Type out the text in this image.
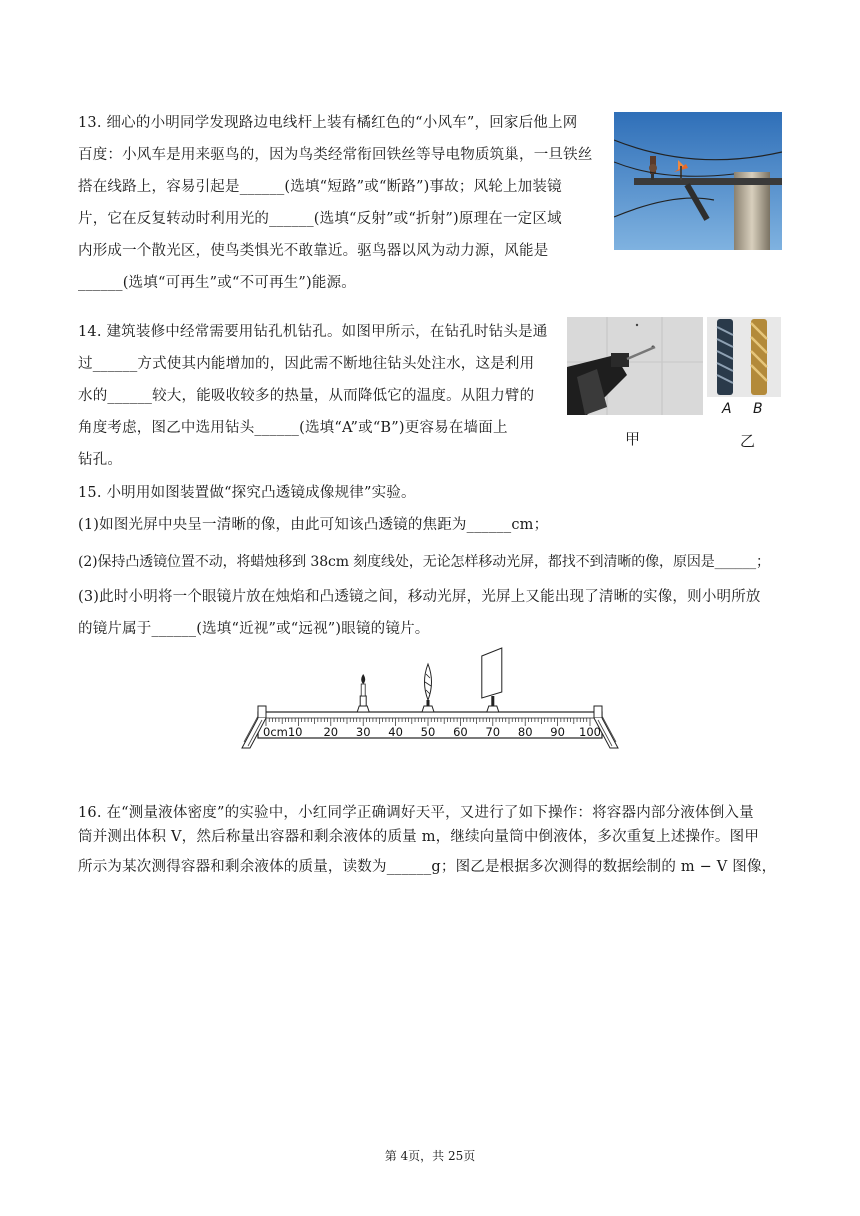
13. 细心的小明同学发现路边电线杆上装有橘红色的“小风车”，回家后他上网
百度：小风车是用来驱鸟的，因为鸟类经常衔回铁丝等导电物质筑巢，一旦铁丝
搭在线路上，容易引起是______(选填“短路”或“断路”)事故；风轮上加装镜
片，它在反复转动时利用光的______(选填“反射”或“折射”)原理在一定区域
内形成一个散光区，使鸟类惧光不敢靠近。驱鸟器以风为动力源，风能是
______(选填“可再生”或“不可再生”)能源。
14. 建筑装修中经常需要用钻孔机钻孔。如图甲所示，在钻孔时钻头是通
过______方式使其内能增加的，因此需不断地往钻头处注水，这是利用
水的______较大，能吸收较多的热量，从而降低它的温度。从阻力臂的
角度考虑，图乙中选用钻头______(选填“A”或“B”)更容易在墙面上
钻孔。
A B
甲	乙
15. 小明用如图装置做“探究凸透镜成像规律”实验。
(1)如图光屏中央呈一清晰的像，由此可知该凸透镜的焦距为______cm；
(2)保持凸透镜位置不动，将蜡烛移到 38cm 刻度线处，无论怎样移动光屏，都找不到清晰的像，原因是______；
(3)此时小明将一个眼镜片放在烛焰和凸透镜之间，移动光屏，光屏上又能出现了清晰的实像，则小明所放
的镜片属于______(选填“近视”或“远视”)眼镜的镜片。
0cm10 20 30 40 50 60 70 80 90 100
16. 在“测量液体密度”的实验中，小红同学正确调好天平，又进行了如下操作：将容器内部分液体倒入量
筒并测出体积 V，然后称量出容器和剩余液体的质量 m，继续向量筒中倒液体，多次重复上述操作。图甲
所示为某次测得容器和剩余液体的质量，读数为______g；图乙是根据多次测得的数据绘制的 m − V 图像，
第 4页，共 25页
